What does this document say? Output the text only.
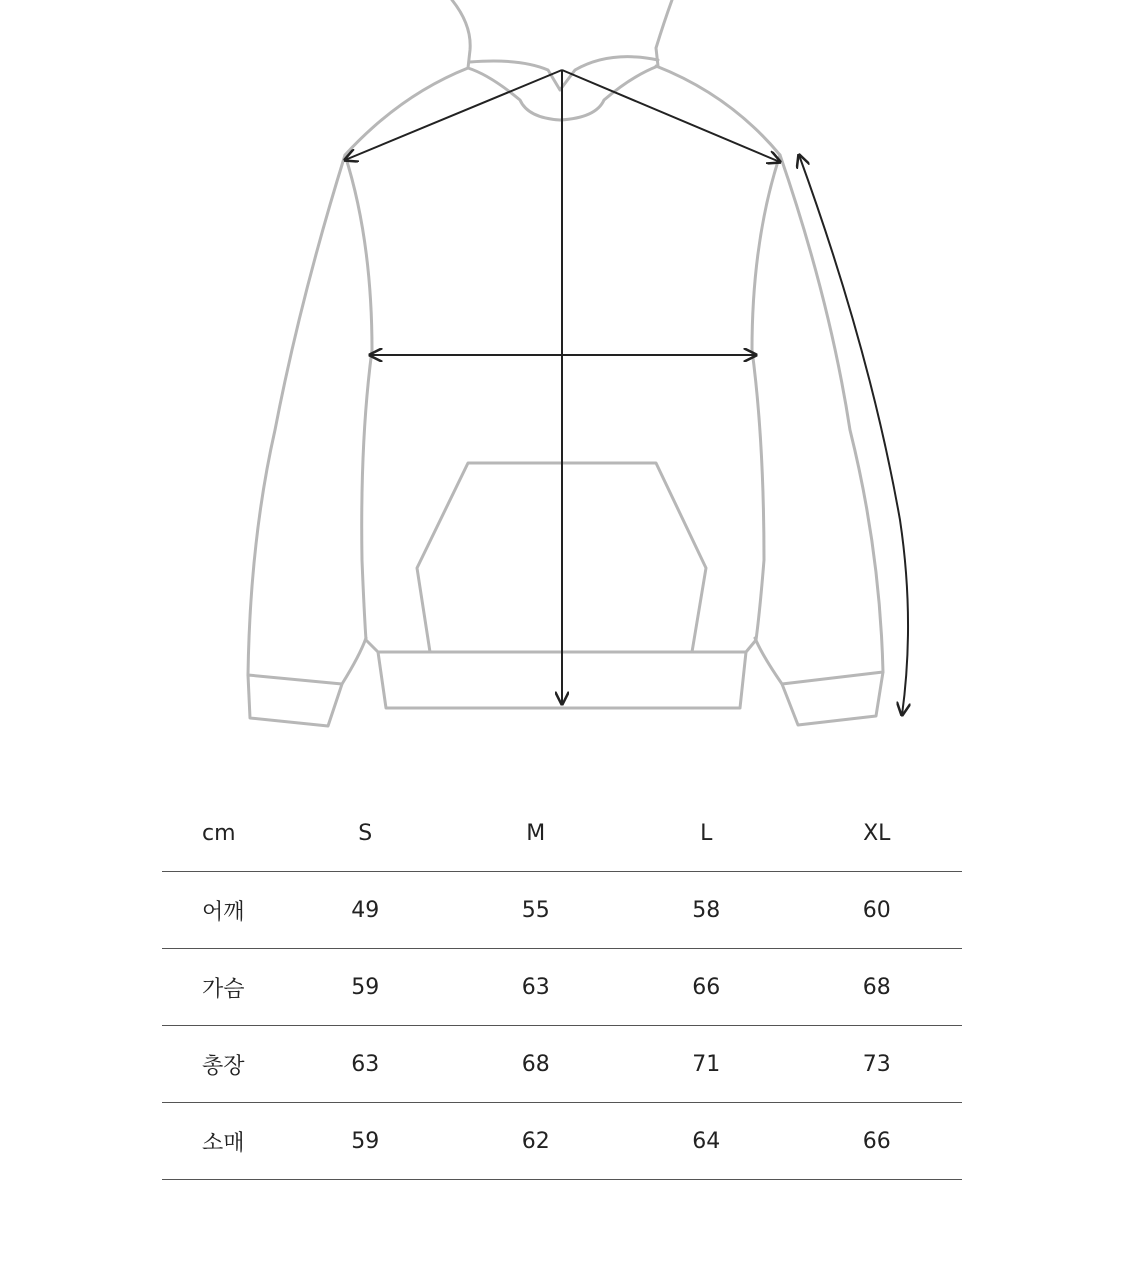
cm	S	M	L	XL
어깨	49	55	58	60
가슴	59	63	66	68
총장	63	68	71	73
소매	59	62	64	66
